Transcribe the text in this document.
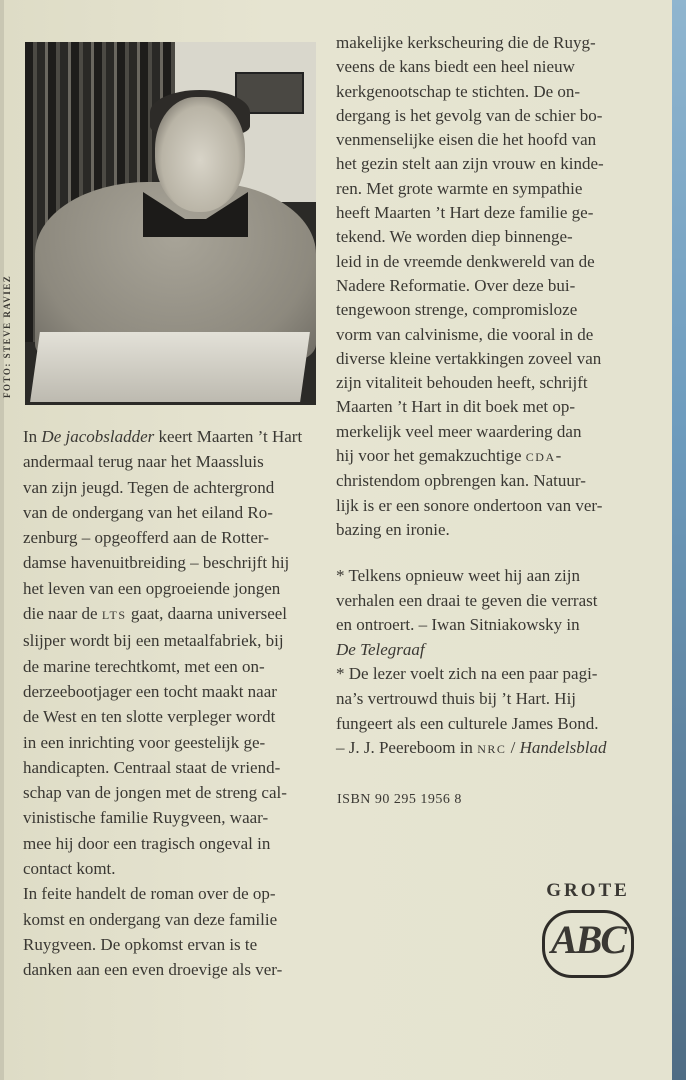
FOTO: STEVE RAVIEZ
In De jacobsladder keert Maarten ’t Hart
andermaal terug naar het Maassluis
van zijn jeugd. Tegen de achtergrond
van de ondergang van het eiland Ro-
zenburg – opgeofferd aan de Rotter-
damse havenuitbreiding – beschrijft hij
het leven van een opgroeiende jongen
die naar de LTS gaat, daarna universeel
slijper wordt bij een metaalfabriek, bij
de marine terechtkomt, met een on-
derzeebootjager een tocht maakt naar
de West en ten slotte verpleger wordt
in een inrichting voor geestelijk ge-
handicapten. Centraal staat de vriend-
schap van de jongen met de streng cal-
vinistische familie Ruygveen, waar-
mee hij door een tragisch ongeval in
contact komt.
In feite handelt de roman over de op-
komst en ondergang van deze familie
Ruygveen. De opkomst ervan is te
danken aan een even droevige als ver-
makelijke kerkscheuring die de Ruyg-
veens de kans biedt een heel nieuw
kerkgenootschap te stichten. De on-
dergang is het gevolg van de schier bo-
venmenselijke eisen die het hoofd van
het gezin stelt aan zijn vrouw en kinde-
ren. Met grote warmte en sympathie
heeft Maarten ’t Hart deze familie ge-
tekend. We worden diep binnenge-
leid in de vreemde denkwereld van de
Nadere Reformatie. Over deze bui-
tengewoon strenge, compromisloze
vorm van calvinisme, die vooral in de
diverse kleine vertakkingen zoveel van
zijn vitaliteit behouden heeft, schrijft
Maarten ’t Hart in dit boek met op-
merkelijk veel meer waardering dan
hij voor het gemakzuchtige CDA-
christendom opbrengen kan. Natuur-
lijk is er een sonore ondertoon van ver-
bazing en ironie.
* Telkens opnieuw weet hij aan zijn
verhalen een draai te geven die verrast
en ontroert. – Iwan Sitniakowsky in
De Telegraaf
* De lezer voelt zich na een paar pagi-
na’s vertrouwd thuis bij ’t Hart. Hij
fungeert als een culturele James Bond.
– J. J. Peereboom in NRC / Handelsblad
ISBN 90 295 1956 8
GROTE
ABC
